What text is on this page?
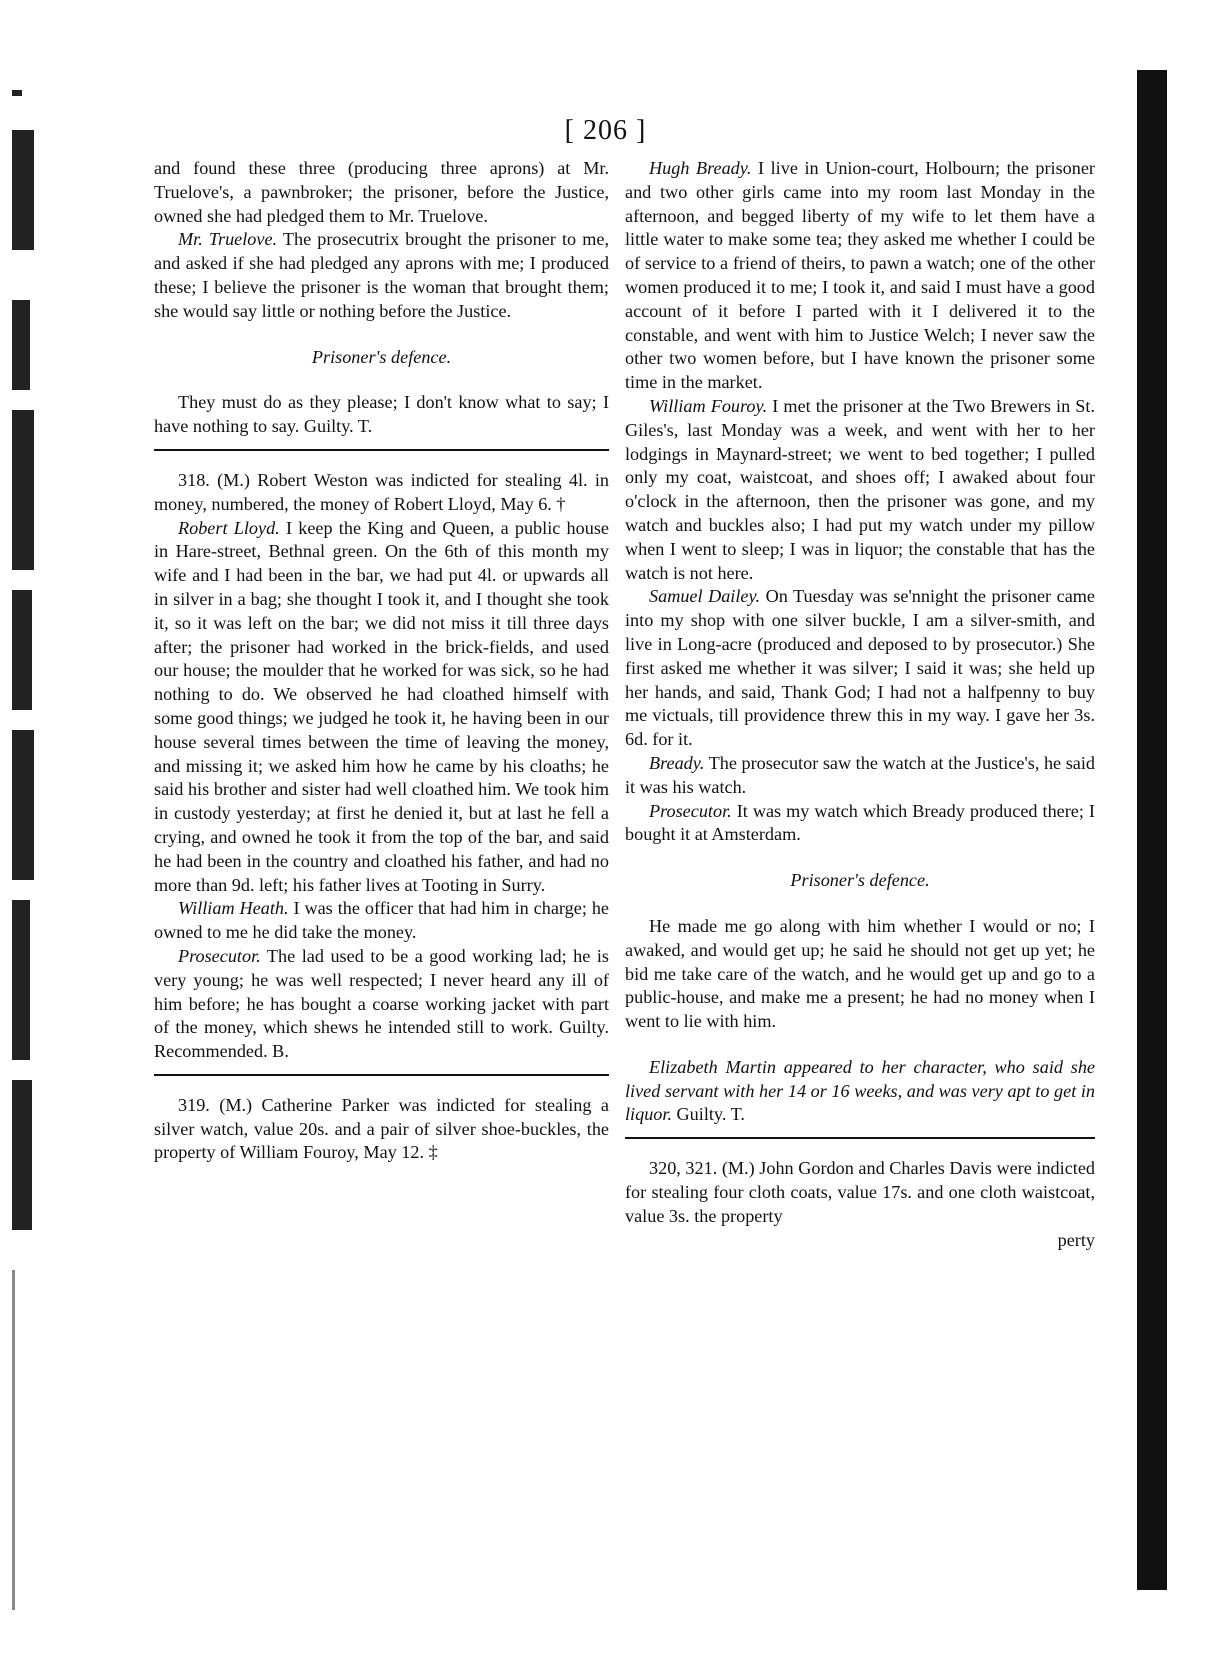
[ 206 ]

and found these three (producing three aprons) at Mr. Truelove's, a pawnbroker; the prisoner, before the Justice, owned she had pledged them to Mr. Truelove.

Mr. Truelove. The prosecutrix brought the prisoner to me, and asked if she had pledged any aprons with me; I produced these; I believe the prisoner is the woman that brought them; she would say little or nothing before the Justice.

Prisoner's defence.

They must do as they please; I don't know what to say; I have nothing to say. Guilty. T.

318. (M.) Robert Weston was indicted for stealing 4l. in money, numbered, the money of Robert Lloyd, May 6. †

Robert Lloyd. I keep the King and Queen, a public house in Hare-street, Bethnal green. On the 6th of this month my wife and I had been in the bar, we had put 4l. or upwards all in silver in a bag; she thought I took it, and I thought she took it, so it was left on the bar; we did not miss it till three days after; the prisoner had worked in the brick-fields, and used our house; the moulder that he worked for was sick, so he had nothing to do. We observed he had cloathed himself with some good things; we judged he took it, he having been in our house several times between the time of leaving the money, and missing it; we asked him how he came by his cloaths; he said his brother and sister had well cloathed him. We took him in custody yesterday; at first he denied it, but at last he fell a crying, and owned he took it from the top of the bar, and said he had been in the country and cloathed his father, and had no more than 9d. left; his father lives at Tooting in Surry.

William Heath. I was the officer that had him in charge; he owned to me he did take the money.

Prosecutor. The lad used to be a good working lad; he is very young; he was well respected; I never heard any ill of him before; he has bought a coarse working jacket with part of the money, which shews he intended still to work. Guilty. Recommended. B.

319. (M.) Catherine Parker was indicted for stealing a silver watch, value 20s. and a pair of silver shoe-buckles, the property of William Fouroy, May 12. ‡

Hugh Bready. I live in Union-court, Holbourn; the prisoner and two other girls came into my room last Monday in the afternoon, and begged liberty of my wife to let them have a little water to make some tea; they asked me whether I could be of service to a friend of theirs, to pawn a watch; one of the other women produced it to me; I took it, and said I must have a good account of it before I parted with it I delivered it to the constable, and went with him to Justice Welch; I never saw the other two women before, but I have known the prisoner some time in the market.

William Fouroy. I met the prisoner at the Two Brewers in St. Giles's, last Monday was a week, and went with her to her lodgings in Maynard-street; we went to bed together; I pulled only my coat, waistcoat, and shoes off; I awaked about four o'clock in the afternoon, then the prisoner was gone, and my watch and buckles also; I had put my watch under my pillow when I went to sleep; I was in liquor; the constable that has the watch is not here.

Samuel Dailey. On Tuesday was se'nnight the prisoner came into my shop with one silver buckle, I am a silver-smith, and live in Long-acre (produced and deposed to by prosecutor.) She first asked me whether it was silver; I said it was; she held up her hands, and said, Thank God; I had not a halfpenny to buy me victuals, till providence threw this in my way. I gave her 3s. 6d. for it.

Bready. The prosecutor saw the watch at the Justice's, he said it was his watch.

Prosecutor. It was my watch which Bready produced there; I bought it at Amsterdam.

Prisoner's defence.

He made me go along with him whether I would or no; I awaked, and would get up; he said he should not get up yet; he bid me take care of the watch, and he would get up and go to a public-house, and make me a present; he had no money when I went to lie with him.

Elizabeth Martin appeared to her character, who said she lived servant with her 14 or 16 weeks, and was very apt to get in liquor. Guilty. T.

320, 321. (M.) John Gordon and Charles Davis were indicted for stealing four cloth coats, value 17s. and one cloth waistcoat, value 3s. the property

perty
